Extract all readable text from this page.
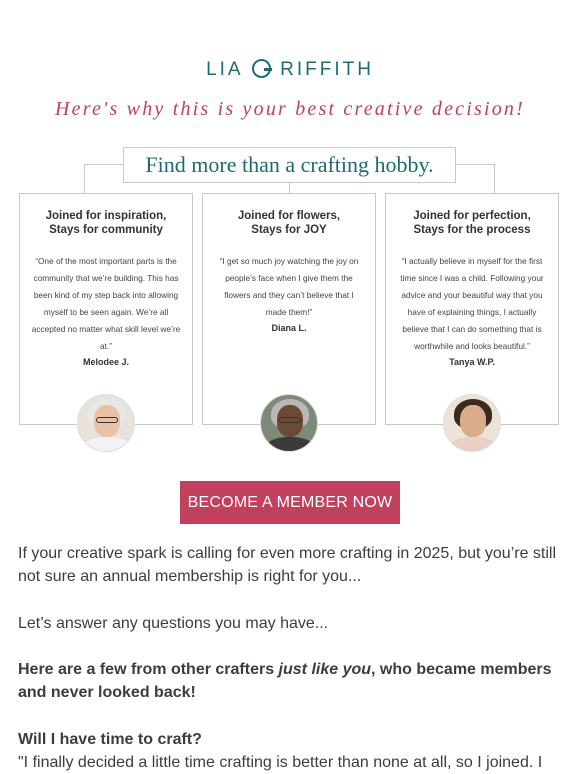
LIA RIFFITH
Here's why this is your best creative decision!
Find more than a crafting hobby.
Joined for inspiration,
Stays for community

“One of the most important parts is the community that we’re building. This has been kind of my step back into allowing myself to be seen again. We’re all accepted no matter what skill level we’re at.”

Melodee J.

Joined for flowers,
Stays for JOY

“I get so much joy watching the joy on people’s face when I give them the flowers and they can’t believe that I made them!”

Diana L.

Joined for perfection,
Stays for the process

“I actually believe in myself for the first time since I was a child. Following your advice and your beautiful way that you have of explaining things, I actually believe that I can do something that is worthwhile and looks beautiful.”

Tanya W.P.

BECOME A MEMBER NOW

If your creative spark is calling for even more crafting in 2025, but you’re still not sure an annual membership is right for you...

Let’s answer any questions you may have...

Here are a few from other crafters just like you, who became members and never looked back!

Will I have time to craft?

"I finally decided a little time crafting is better than none at all, so I joined. I
